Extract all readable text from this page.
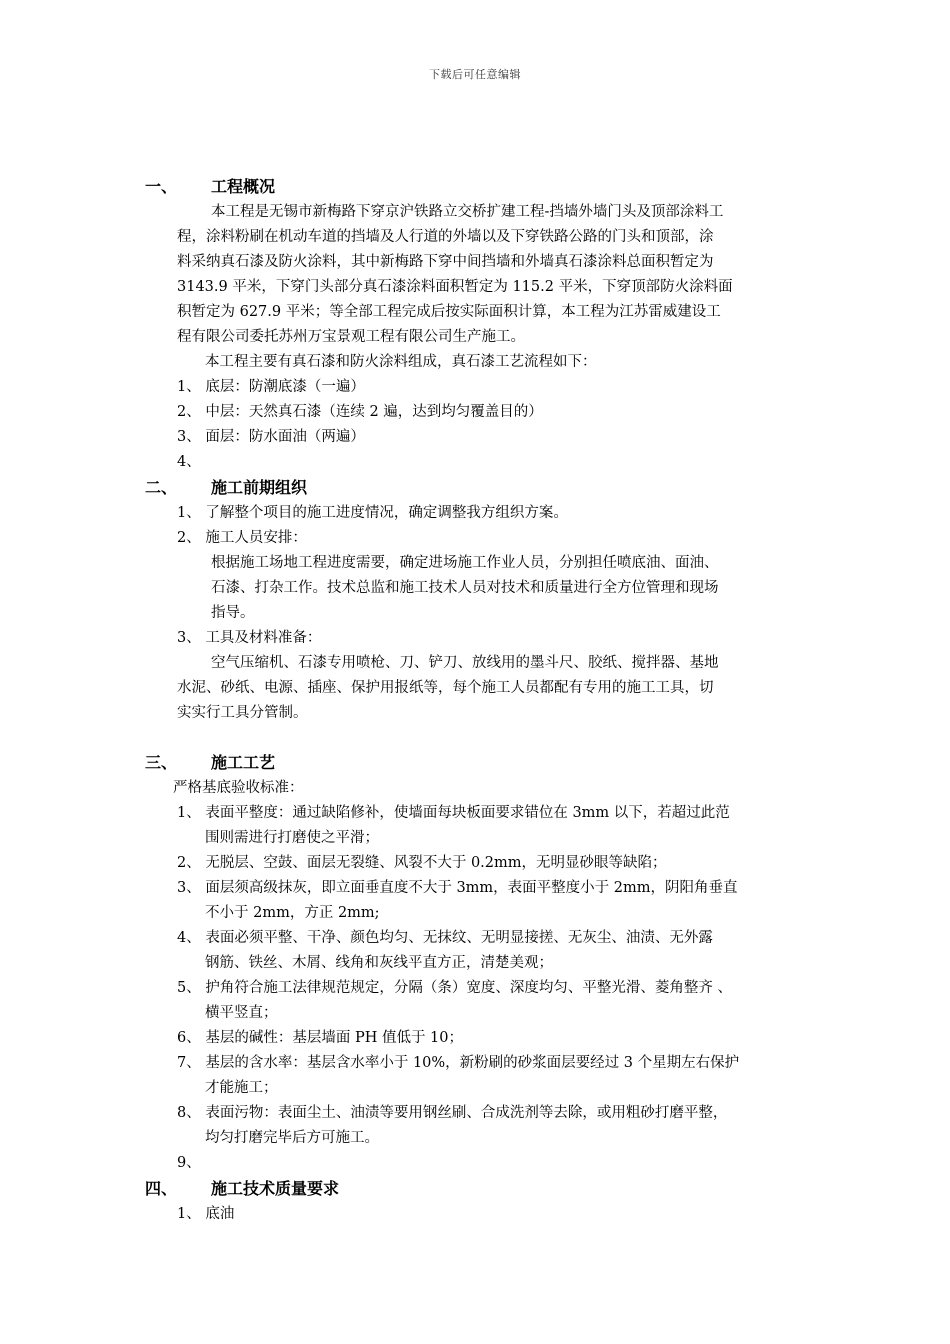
下载后可任意编辑
一、 工程概况
本工程是无锡市新梅路下穿京沪铁路立交桥扩建工程-挡墙外墙门头及顶部涂料工
程，涂料粉刷在机动车道的挡墙及人行道的外墙以及下穿铁路公路的门头和顶部，涂
料采纳真石漆及防火涂料，其中新梅路下穿中间挡墙和外墙真石漆涂料总面积暂定为
3143.9 平米，下穿门头部分真石漆涂料面积暂定为 115.2 平米，下穿顶部防火涂料面
积暂定为 627.9 平米；等全部工程完成后按实际面积计算，本工程为江苏雷威建设工
程有限公司委托苏州万宝景观工程有限公司生产施工。
本工程主要有真石漆和防火涂料组成，真石漆工艺流程如下：
1、 底层：防潮底漆（一遍）
2、 中层：天然真石漆（连续 2 遍，达到均匀覆盖目的）
3、 面层：防水面油（两遍）
4、
二、 施工前期组织
1、 了解整个项目的施工进度情况，确定调整我方组织方案。
2、 施工人员安排：
根据施工场地工程进度需要，确定进场施工作业人员，分别担任喷底油、面油、
石漆、打杂工作。技术总监和施工技术人员对技术和质量进行全方位管理和现场
指导。
3、 工具及材料准备：
空气压缩机、石漆专用喷枪、刀、铲刀、放线用的墨斗尺、胶纸、搅拌器、基地
水泥、砂纸、电源、插座、保护用报纸等，每个施工人员都配有专用的施工工具，切
实实行工具分管制。
三、 施工工艺
严格基底验收标准：
1、 表面平整度：通过缺陷修补，使墙面每块板面要求错位在 3mm 以下，若超过此范
围则需进行打磨使之平滑；
2、 无脱层、空鼓、面层无裂缝、风裂不大于 0.2mm，无明显砂眼等缺陷；
3、 面层须高级抹灰，即立面垂直度不大于 3mm，表面平整度小于 2mm，阴阳角垂直
不小于 2mm，方正 2mm;
4、 表面必须平整、干净、颜色均匀、无抹纹、无明显接搓、无灰尘、油渍、无外露
钢筋、铁丝、木屑、线角和灰线平直方正，清楚美观；
5、 护角符合施工法律规范规定，分隔（条）宽度、深度均匀、平整光滑、菱角整齐 、
横平竖直；
6、 基层的碱性：基层墙面 PH 值低于 10；
7、 基层的含水率：基层含水率小于 10%，新粉刷的砂浆面层要经过 3 个星期左右保护
才能施工；
8、 表面污物：表面尘土、油渍等要用钢丝刷、合成洗剂等去除，或用粗砂打磨平整，
均匀打磨完毕后方可施工。
9、
四、 施工技术质量要求
1、 底油
